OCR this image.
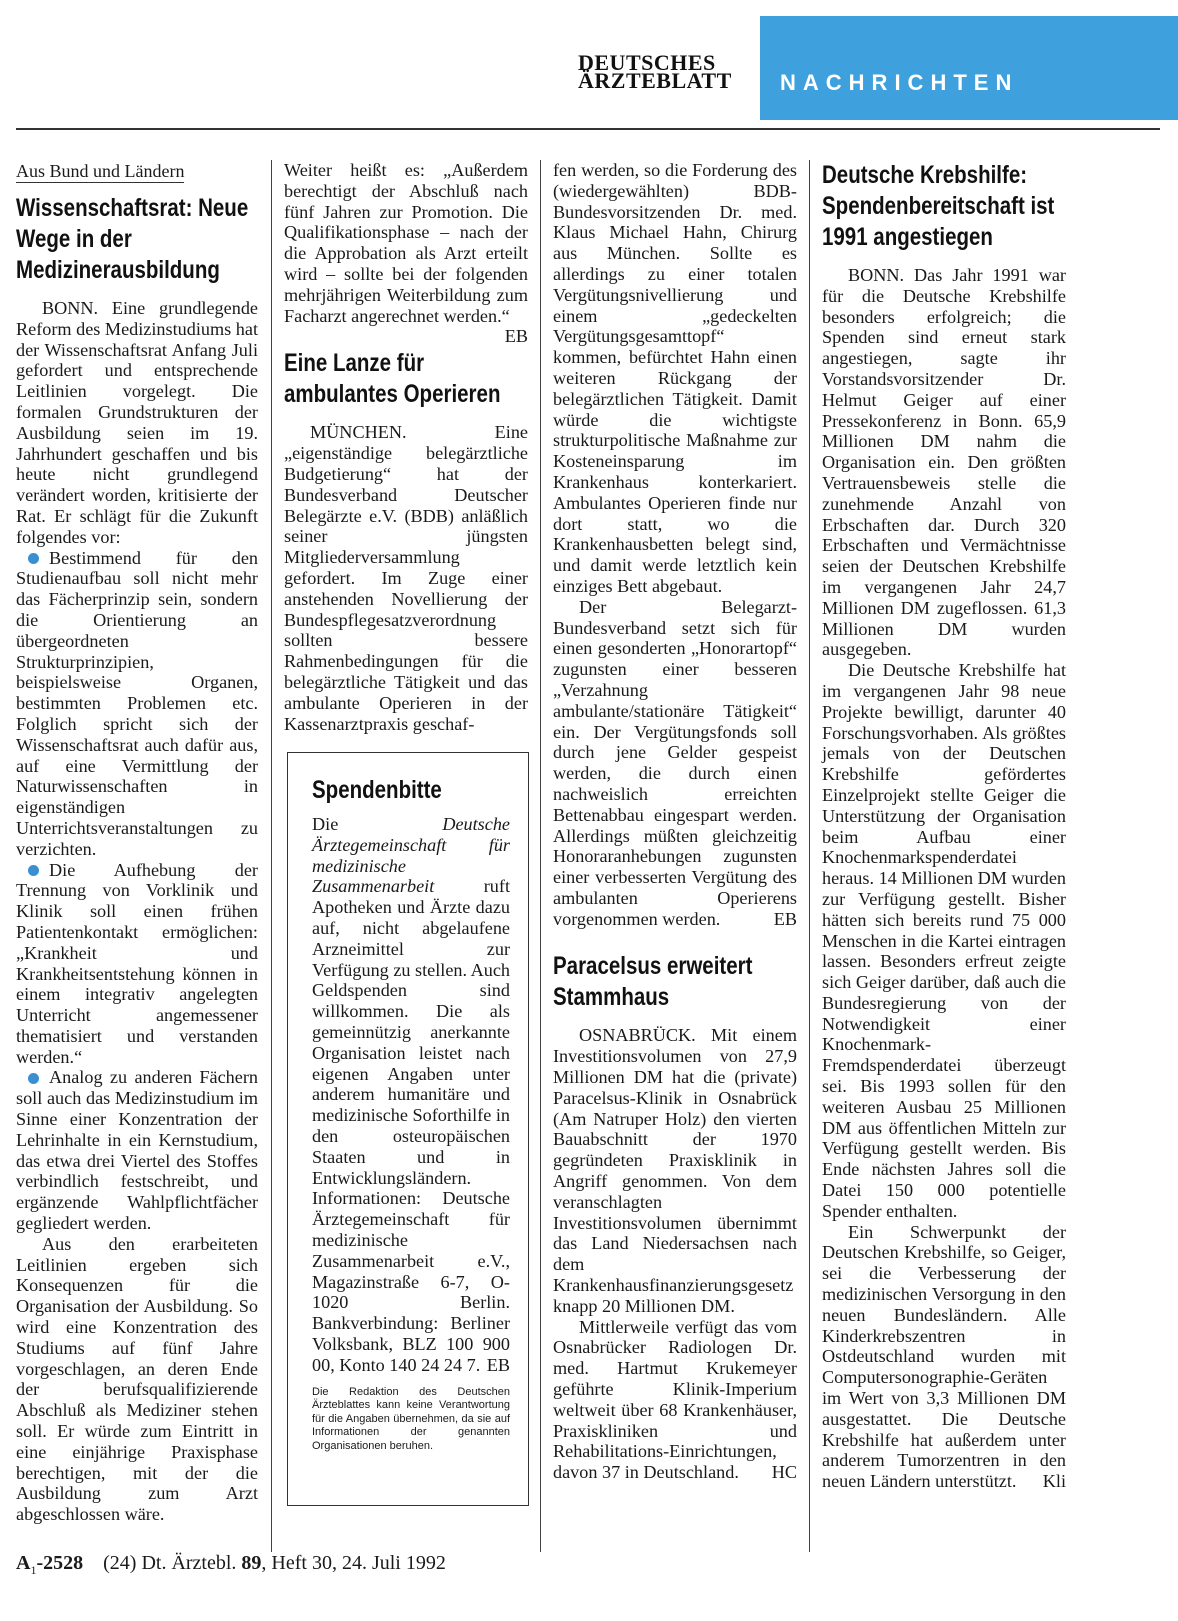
DEUTSCHES
ÄRZTEBLATT	NACHRICHTEN
Aus Bund und Ländern
Wissenschaftsrat: Neue Wege in der Medizinerausbildung

BONN. Eine grundlegende Reform des Medizinstudiums hat der Wissenschaftsrat Anfang Juli gefordert und entsprechende Leitlinien vorgelegt. Die formalen Grundstrukturen der Ausbildung seien im 19. Jahrhundert geschaffen und bis heute nicht grundlegend verändert worden, kritisierte der Rat. Er schlägt für die Zukunft folgendes vor:

Bestimmend für den Studienaufbau soll nicht mehr das Fächerprinzip sein, sondern die Orientierung an übergeordneten Strukturprinzipien, beispielsweise Organen, bestimmten Problemen etc. Folglich spricht sich der Wissenschaftsrat auch dafür aus, auf eine Vermittlung der Naturwissenschaften in eigenständigen Unterrichtsveranstaltungen zu verzichten.

Die Aufhebung der Trennung von Vorklinik und Klinik soll einen frühen Patientenkontakt ermöglichen: „Krankheit und Krankheitsentstehung können in einem integrativ angelegten Unterricht angemessener thematisiert und verstanden werden.“

Analog zu anderen Fächern soll auch das Medizinstudium im Sinne einer Konzentration der Lehrinhalte in ein Kernstudium, das etwa drei Viertel des Stoffes verbindlich festschreibt, und ergänzende Wahlpflichtfächer gegliedert werden.

Aus den erarbeiteten Leitlinien ergeben sich Konsequenzen für die Organisation der Ausbildung. So wird eine Konzentration des Studiums auf fünf Jahre vorgeschlagen, an deren Ende der berufsqualifizierende Abschluß als Mediziner stehen soll. Er würde zum Eintritt in eine einjährige Praxisphase berechtigen, mit der die Ausbildung zum Arzt abgeschlossen wäre.

Weiter heißt es: „Außerdem berechtigt der Abschluß nach fünf Jahren zur Promotion. Die Qualifikationsphase – nach der die Approbation als Arzt erteilt wird – sollte bei der folgenden mehrjährigen Weiterbildung zum Facharzt angerechnet werden.“
EB

Eine Lanze für ambulantes Operieren

MÜNCHEN. Eine „eigenständige belegärztliche Budgetierung“ hat der Bundesverband Deutscher Belegärzte e.V. (BDB) anläßlich seiner jüngsten Mitgliederversammlung gefordert. Im Zuge einer anstehenden Novellierung der Bundespflegesatzverordnung sollten bessere Rahmenbedingungen für die belegärztliche Tätigkeit und das ambulante Operieren in der Kassenarztpraxis geschaf-

Spendenbitte

Die Deutsche Ärztegemeinschaft für medizinische Zusammenarbeit ruft Apotheken und Ärzte dazu auf, nicht abgelaufene Arzneimittel zur Verfügung zu stellen. Auch Geldspenden sind willkommen. Die als gemeinnützig anerkannte Organisation leistet nach eigenen Angaben unter anderem humanitäre und medizinische Soforthilfe in den osteuropäischen Staaten und in Entwicklungsländern. Informationen: Deutsche Ärztegemeinschaft für medizinische Zusammenarbeit e.V., Magazinstraße 6-7, O-1020 Berlin. Bankverbindung: Berliner Volksbank, BLZ 100 900 00, Konto 140 24 24 7. EB

Die Redaktion des Deutschen Ärzteblattes kann keine Verantwortung für die Angaben übernehmen, da sie auf Informationen der genannten Organisationen beruhen.

fen werden, so die Forderung des (wiedergewählten) BDB-Bundesvorsitzenden Dr. med. Klaus Michael Hahn, Chirurg aus München. Sollte es allerdings zu einer totalen Vergütungsnivellierung und einem „gedeckelten Vergütungsgesamttopf“ kommen, befürchtet Hahn einen weiteren Rückgang der belegärztlichen Tätigkeit. Damit würde die wichtigste strukturpolitische Maßnahme zur Kosteneinsparung im Krankenhaus konterkariert. Ambulantes Operieren finde nur dort statt, wo die Krankenhausbetten belegt sind, und damit werde letztlich kein einziges Bett abgebaut.

Der Belegarzt-Bundesverband setzt sich für einen gesonderten „Honorartopf“ zugunsten einer besseren „Verzahnung ambulante/stationäre Tätigkeit“ ein. Der Vergütungsfonds soll durch jene Gelder gespeist werden, die durch einen nachweislich erreichten Bettenabbau eingespart werden. Allerdings müßten gleichzeitig Honoraranhebungen zugunsten einer verbesserten Vergütung des ambulanten Operierens vorgenommen werden.	EB

Paracelsus erweitert Stammhaus

OSNABRÜCK. Mit einem Investitionsvolumen von 27,9 Millionen DM hat die (private) Paracelsus-Klinik in Osnabrück (Am Natruper Holz) den vierten Bauabschnitt der 1970 gegründeten Praxisklinik in Angriff genommen. Von dem veranschlagten Investitionsvolumen übernimmt das Land Niedersachsen nach dem Krankenhausfinanzierungsgesetz knapp 20 Millionen DM.

Mittlerweile verfügt das vom Osnabrücker Radiologen Dr. med. Hartmut Krukemeyer geführte Klinik-Imperium weltweit über 68 Krankenhäuser, Praxiskliniken und Rehabilitations-Einrichtungen, davon 37 in Deutschland.	HC

Deutsche Krebshilfe: Spendenbereitschaft ist 1991 angestiegen

BONN. Das Jahr 1991 war für die Deutsche Krebshilfe besonders erfolgreich; die Spenden sind erneut stark angestiegen, sagte ihr Vorstandsvorsitzender Dr. Helmut Geiger auf einer Pressekonferenz in Bonn. 65,9 Millionen DM nahm die Organisation ein. Den größten Vertrauensbeweis stelle die zunehmende Anzahl von Erbschaften dar. Durch 320 Erbschaften und Vermächtnisse seien der Deutschen Krebshilfe im vergangenen Jahr 24,7 Millionen DM zugeflossen. 61,3 Millionen DM wurden ausgegeben.

Die Deutsche Krebshilfe hat im vergangenen Jahr 98 neue Projekte bewilligt, darunter 40 Forschungsvorhaben. Als größtes jemals von der Deutschen Krebshilfe gefördertes Einzelprojekt stellte Geiger die Unterstützung der Organisation beim Aufbau einer Knochenmarkspenderdatei heraus. 14 Millionen DM wurden zur Verfügung gestellt. Bisher hätten sich bereits rund 75 000 Menschen in die Kartei eintragen lassen. Besonders erfreut zeigte sich Geiger darüber, daß auch die Bundesregierung von der Notwendigkeit einer Knochenmark-Fremdspenderdatei überzeugt sei. Bis 1993 sollen für den weiteren Ausbau 25 Millionen DM aus öffentlichen Mitteln zur Verfügung gestellt werden. Bis Ende nächsten Jahres soll die Datei 150 000 potentielle Spender enthalten.

Ein Schwerpunkt der Deutschen Krebshilfe, so Geiger, sei die Verbesserung der medizinischen Versorgung in den neuen Bundesländern. Alle Kinderkrebszentren in Ostdeutschland wurden mit Computersonographie-Geräten im Wert von 3,3 Millionen DM ausgestattet. Die Deutsche Krebshilfe hat außerdem unter anderem Tumorzentren in den neuen Ländern unterstützt.	Kli

$A_1-2528$ (24) Dt. Ärztebl. 89, Heft 30, 24. Juli 1992
